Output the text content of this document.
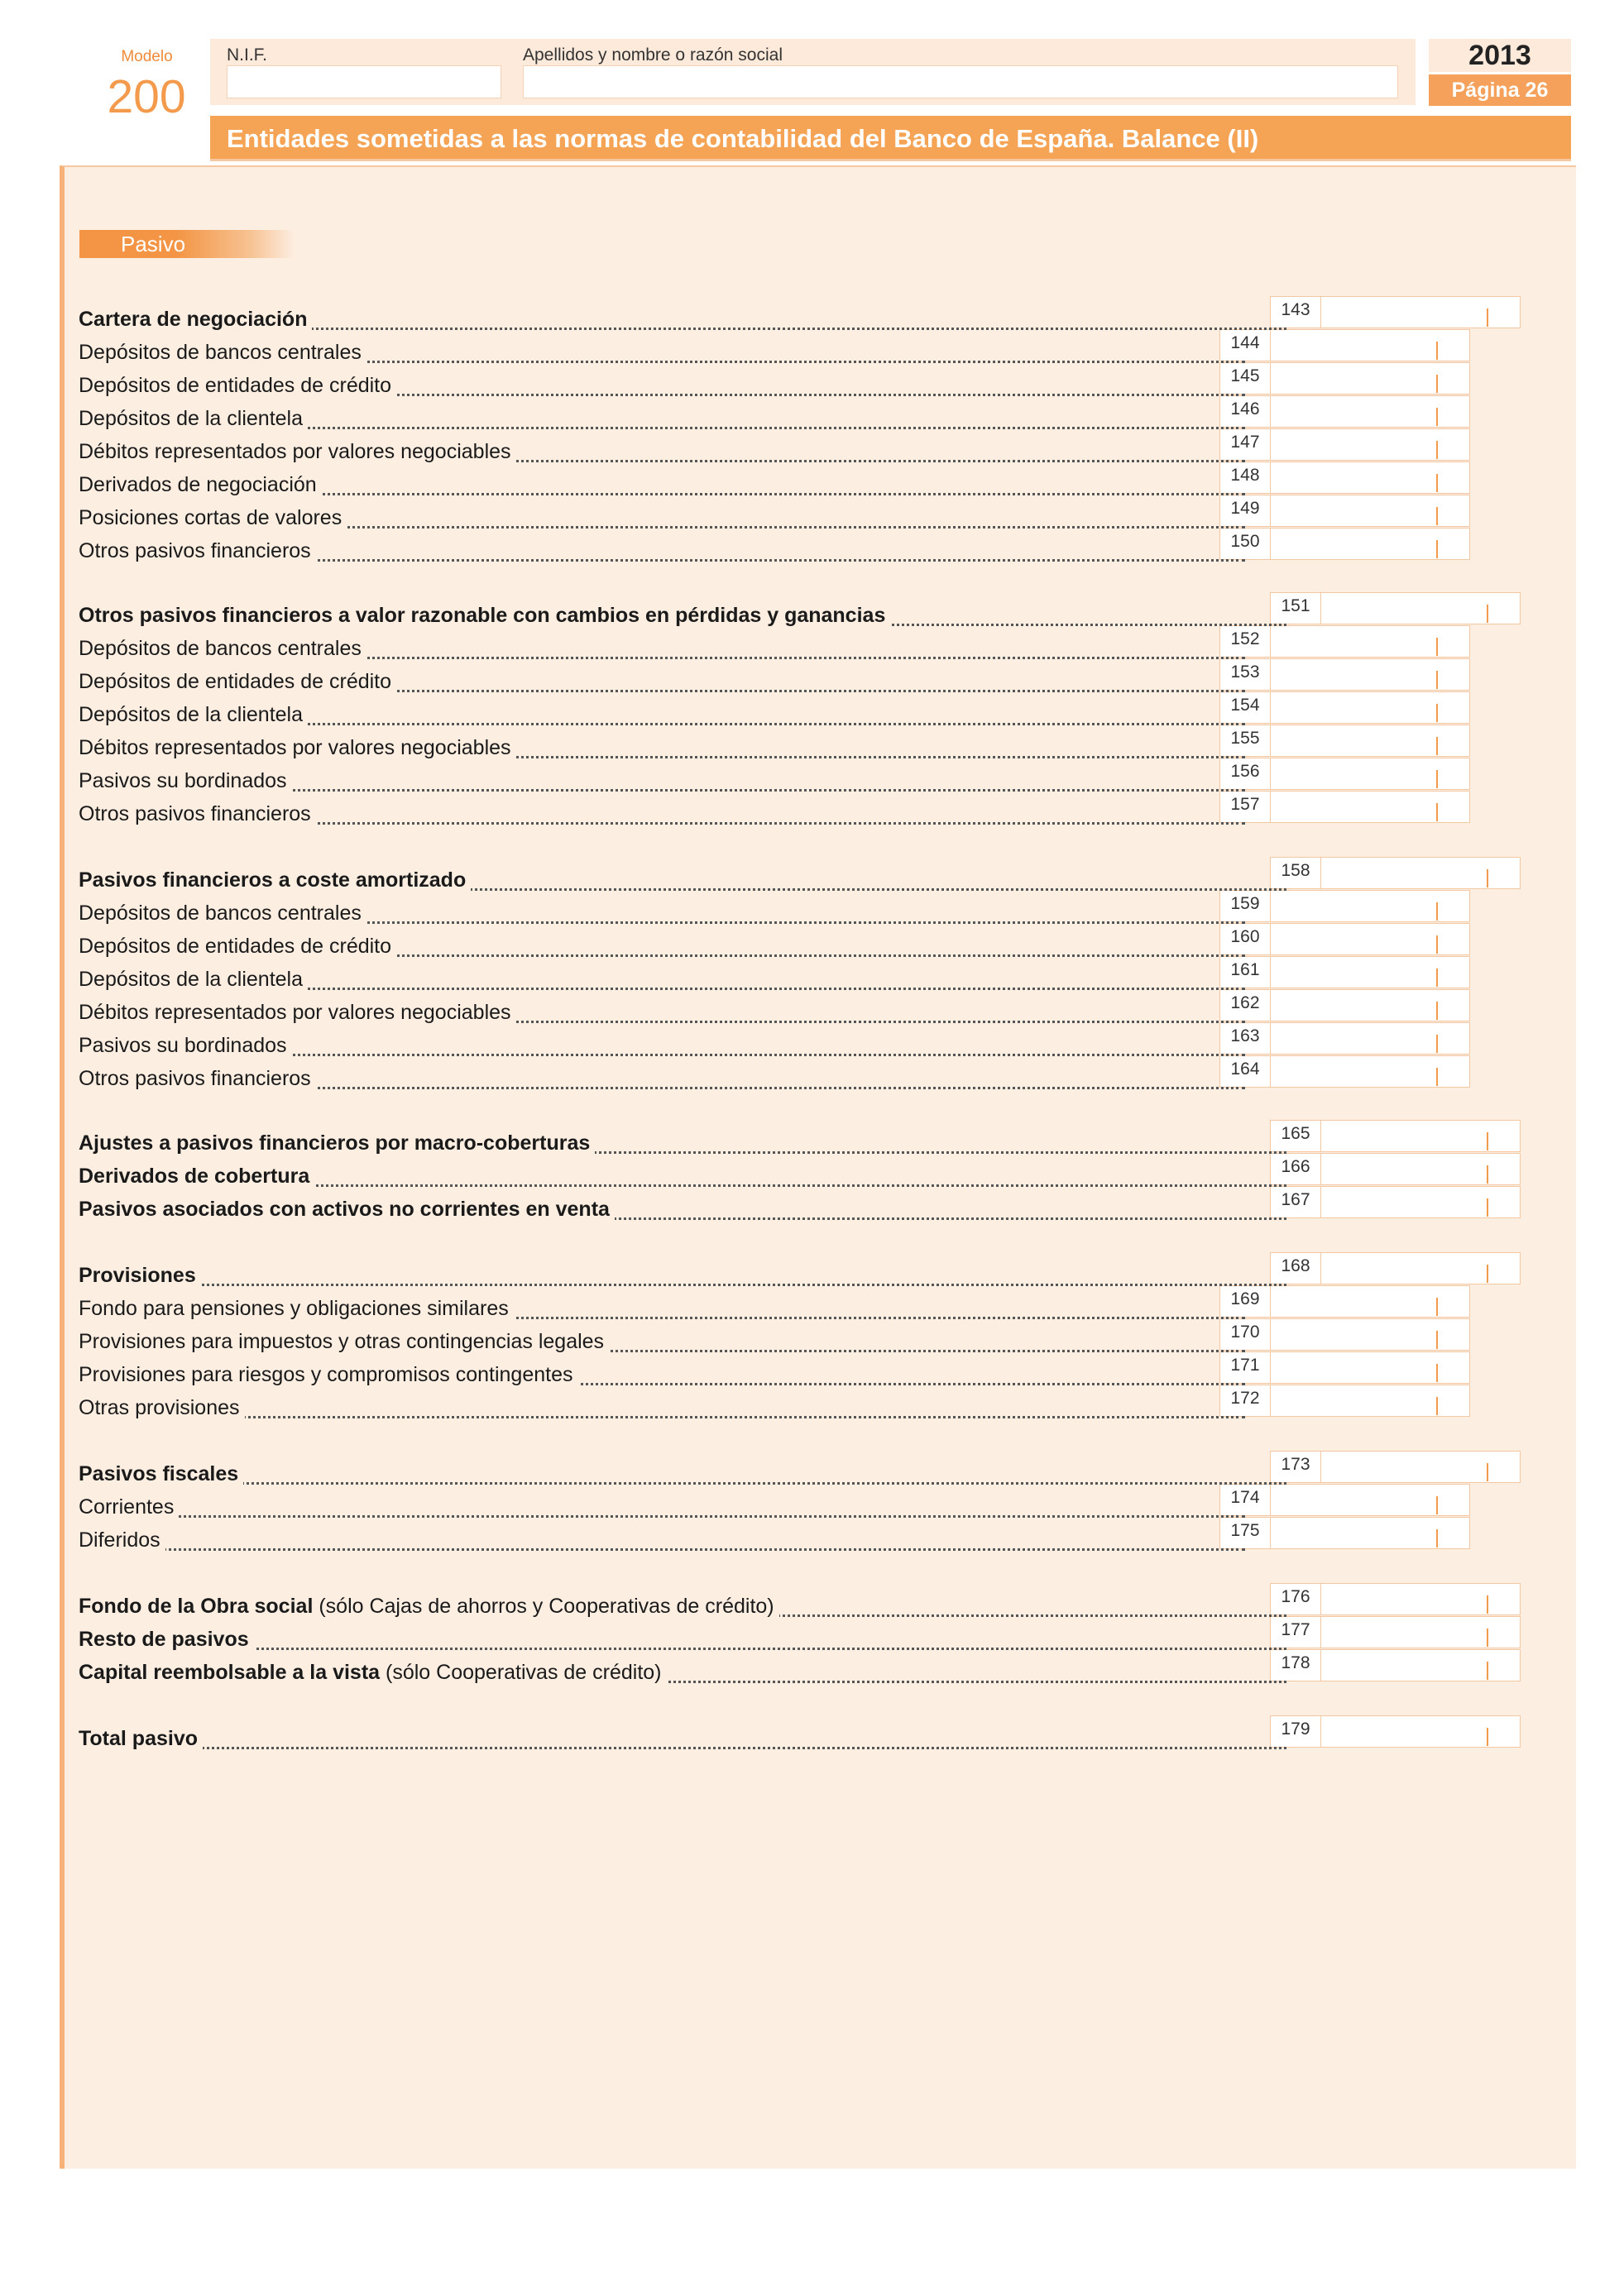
Modelo
200
N.I.F.	Apellidos y nombre o razón social	2013
Página 26
Entidades sometidas a las normas de contabilidad del Banco de España. Balance (II)
Pasivo
Cartera de negociación	143
Depósitos de bancos centrales	144
Depósitos de entidades de crédito	145
Depósitos de la clientela	146
Débitos representados por valores negociables	147
Derivados de negociación	148
Posiciones cortas de valores	149
Otros pasivos financieros	150
Otros pasivos financieros a valor razonable con cambios en pérdidas y ganancias	151
Depósitos de bancos centrales	152
Depósitos de entidades de crédito	153
Depósitos de la clientela	154
Débitos representados por valores negociables	155
Pasivos su bordinados	156
Otros pasivos financieros	157
Pasivos financieros a coste amortizado	158
Depósitos de bancos centrales	159
Depósitos de entidades de crédito	160
Depósitos de la clientela	161
Débitos representados por valores negociables	162
Pasivos su bordinados	163
Otros pasivos financieros	164
Ajustes a pasivos financieros por macro-coberturas	165
Derivados de cobertura	166
Pasivos asociados con activos no corrientes en venta	167
Provisiones	168
Fondo para pensiones y obligaciones similares	169
Provisiones para impuestos y otras contingencias legales	170
Provisiones para riesgos y compromisos contingentes	171
Otras provisiones	172
Pasivos fiscales	173
Corrientes	174
Diferidos	175
Fondo de la Obra social (sólo Cajas de ahorros y Cooperativas de crédito)	176
Resto de pasivos	177
Capital reembolsable a la vista (sólo Cooperativas de crédito)	178
Total pasivo	179
